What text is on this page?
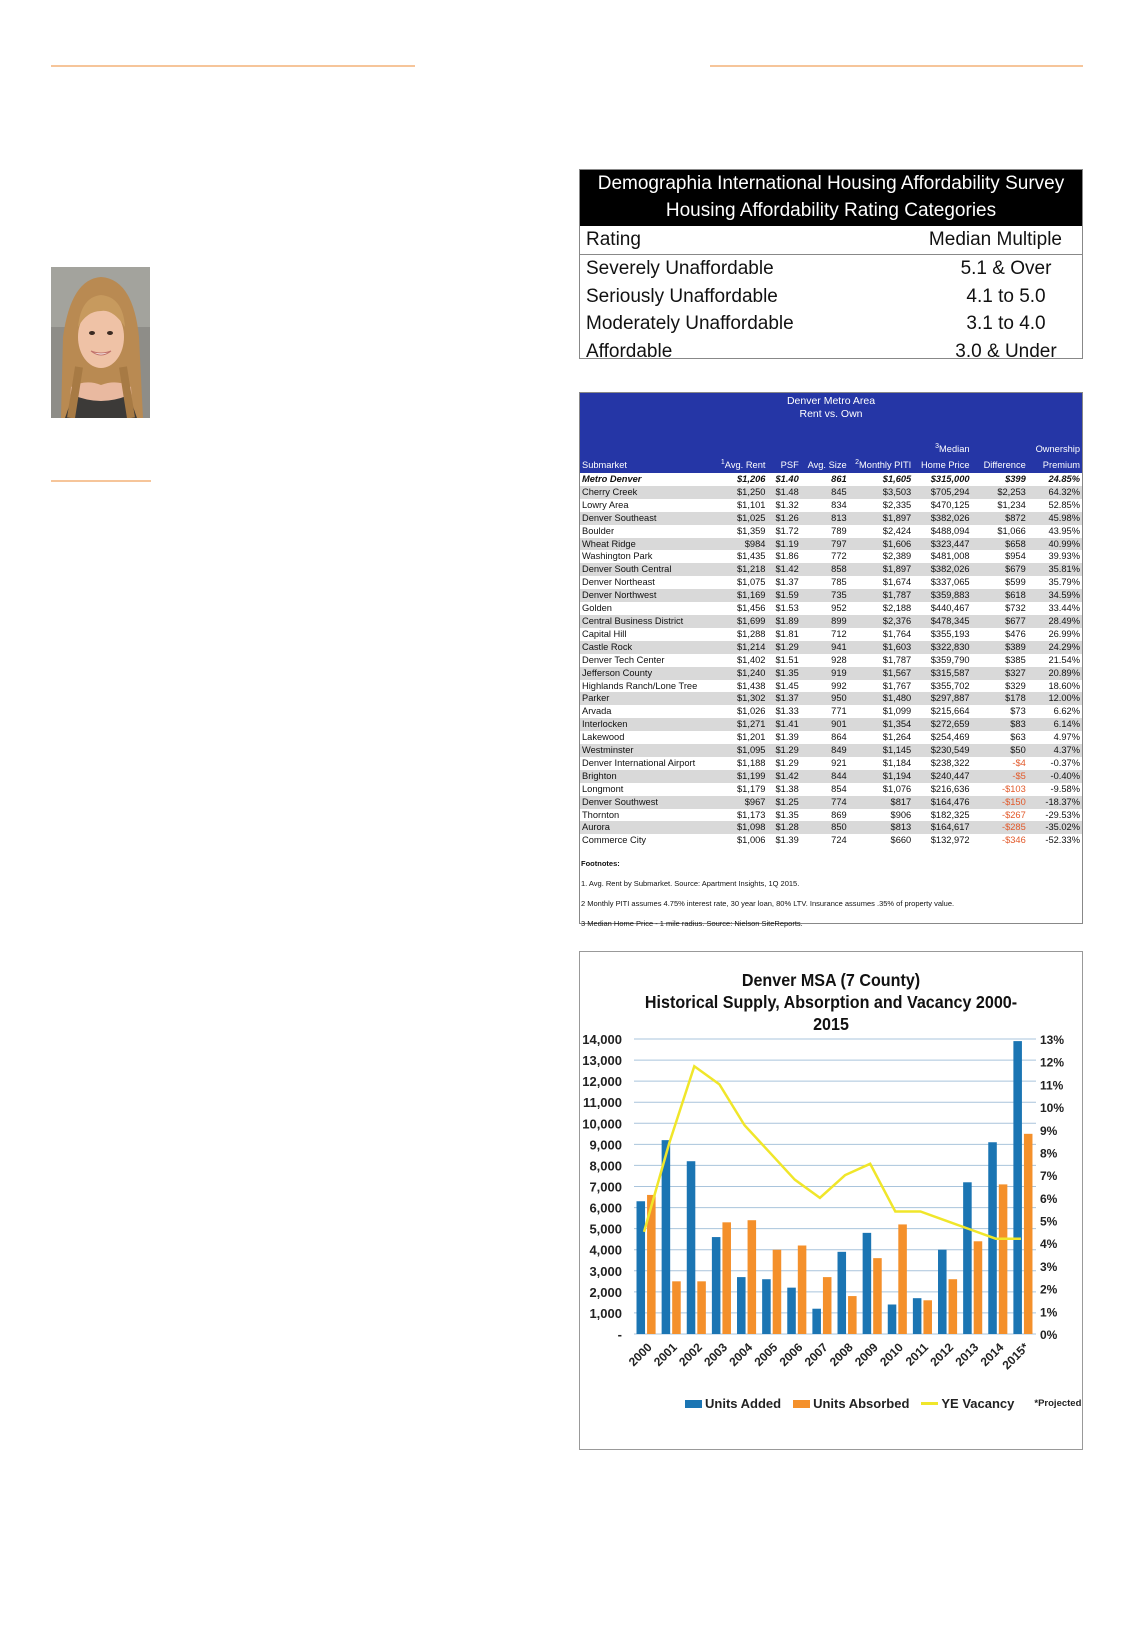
Demographia International Housing Affordability Survey
Housing Affordability Rating Categories
Rating	Median Multiple
Severely Unaffordable	5.1 & Over
Seriously Unaffordable	4.1 to 5.0
Moderately Unaffordable	3.1 to 4.0
Affordable	3.0 & Under
Denver Metro Area
Rent vs. Own
					$^3$Median		Ownership
Submarket	$^1$Avg. Rent	PSF	Avg. Size	$^2$Monthly PITI	Home Price	Difference	Premium
Metro Denver	$1,206	$1.40	861	$1,605	$315,000	$399	24.85%
Cherry Creek	$1,250	$1.48	845	$3,503	$705,294	$2,253	64.32%
Lowry Area	$1,101	$1.32	834	$2,335	$470,125	$1,234	52.85%
Denver Southeast	$1,025	$1.26	813	$1,897	$382,026	$872	45.98%
Boulder	$1,359	$1.72	789	$2,424	$488,094	$1,066	43.95%
Wheat Ridge	$984	$1.19	797	$1,606	$323,447	$658	40.99%
Washington Park	$1,435	$1.86	772	$2,389	$481,008	$954	39.93%
Denver South Central	$1,218	$1.42	858	$1,897	$382,026	$679	35.81%
Denver Northeast	$1,075	$1.37	785	$1,674	$337,065	$599	35.79%
Denver Northwest	$1,169	$1.59	735	$1,787	$359,883	$618	34.59%
Golden	$1,456	$1.53	952	$2,188	$440,467	$732	33.44%
Central Business District	$1,699	$1.89	899	$2,376	$478,345	$677	28.49%
Capital Hill	$1,288	$1.81	712	$1,764	$355,193	$476	26.99%
Castle Rock	$1,214	$1.29	941	$1,603	$322,830	$389	24.29%
Denver Tech Center	$1,402	$1.51	928	$1,787	$359,790	$385	21.54%
Jefferson County	$1,240	$1.35	919	$1,567	$315,587	$327	20.89%
Highlands Ranch/Lone Tree	$1,438	$1.45	992	$1,767	$355,702	$329	18.60%
Parker	$1,302	$1.37	950	$1,480	$297,887	$178	12.00%
Arvada	$1,026	$1.33	771	$1,099	$215,664	$73	6.62%
Interlocken	$1,271	$1.41	901	$1,354	$272,659	$83	6.14%
Lakewood	$1,201	$1.39	864	$1,264	$254,469	$63	4.97%
Westminster	$1,095	$1.29	849	$1,145	$230,549	$50	4.37%
Denver International Airport	$1,188	$1.29	921	$1,184	$238,322	-$4	-0.37%
Brighton	$1,199	$1.42	844	$1,194	$240,447	-$5	-0.40%
Longmont	$1,179	$1.38	854	$1,076	$216,636	-$103	-9.58%
Denver Southwest	$967	$1.25	774	$817	$164,476	-$150	-18.37%
Thornton	$1,173	$1.35	869	$906	$182,325	-$267	-29.53%
Aurora	$1,098	$1.28	850	$813	$164,617	-$285	-35.02%
Commerce City	$1,006	$1.39	724	$660	$132,972	-$346	-52.33%
Footnotes:
1. Avg. Rent by Submarket. Source: Apartment Insights, 1Q 2015.
2 Monthly PITI assumes 4.75% interest rate, 30 year loan, 80% LTV. Insurance assumes .35% of property value.
3 Median Home Price - 1 mile radius. Source: Nielson SiteReports.
Denver MSA (7 County)
Historical Supply, Absorption and Vacancy 2000-
2015
-
1,000
2,000
3,000
4,000
5,000
6,000
7,000
8,000
9,000
10,000
11,000
12,000
13,000
14,000
0%
1%
2%
3%
4%
5%
6%
7%
8%
9%
10%
11%
12%
13%
2000
2001
2002
2003
2004
2005
2006
2007
2008
2009
2010
2011
2012
2013
2014
2015*
Units Added Units Absorbed YE Vacancy *Projected
